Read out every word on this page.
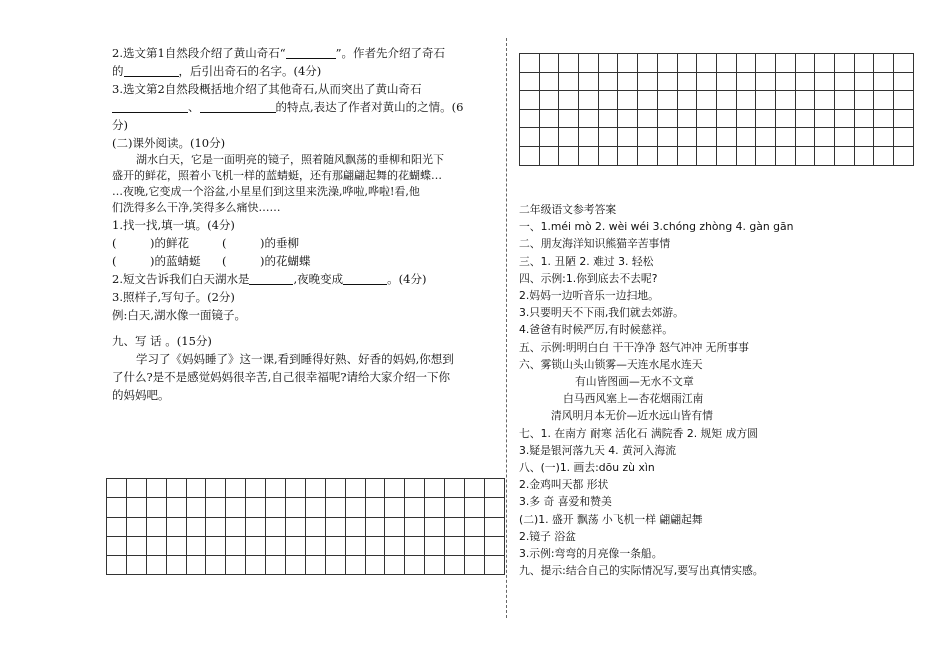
2.选文第1自然段介绍了黄山奇石“	”。作者先介绍了奇石

的	，后引出奇石的名字。(4分)

3.选文第2自然段概括地介绍了其他奇石,从而突出了黄山奇石

、	的特点,表达了作者对黄山的之情。(6

分)

(二)课外阅读。(10分)

湖水白天，它是一面明亮的镜子，照着随风飘荡的垂柳和阳光下

盛开的鲜花，照着小飞机一样的蓝蜻蜓，还有那翩翩起舞的花蝴蝶…

…夜晚,它变成一个浴盆,小星星们到这里来洗澡,哗啦,哗啦!看,他

们洗得多么干净,笑得多么痛快……

1.找一找,填一填。(4分)

(	)的鲜花	(	)的垂柳

(	)的蓝蜻蜓 (	)的花蝴蝶

2.短文告诉我们白天湖水是	,夜晚变成	。(4分)

3.照样子,写句子。(2分)

例:白天,湖水像一面镜子。

九、写 话 。(15分)

学习了《妈妈睡了》这一课,看到睡得好熟、好香的妈妈,你想到

了什么?是不是感觉妈妈很辛苦,自己很幸福呢?请给大家介绍一下你

的妈妈吧。

二年级语文参考答案

一、1.méi mò 2. wèi wéi 3.chóng zhòng 4. gàn gān

二、朋友海洋知识熊猫辛苦事情

三、1. 丑陋 2. 难过 3. 轻松

四、示例:1.你到底去不去呢?

2.妈妈一边听音乐一边扫地。

3.只要明天不下雨,我们就去郊游。

4.爸爸有时候严厉,有时候慈祥。

五、示例:明明白白 干干净净 怒气冲冲 无所事事

六、雾锁山头山锁雾—天连水尾水连天

有山皆图画—无水不文章

白马西风塞上—杏花烟雨江南

清风明月本无价—近水远山皆有情

七、1. 在南方 耐寒 活化石 满院香 2. 规矩 成方圆

3.疑是银河落九天 4. 黄河入海流

八、(一)1. 画去:dōu zù xìn

2.金鸡叫天都 形状

3.多 奇 喜爱和赞美

(二)1. 盛开 飘荡 小飞机一样 翩翩起舞

2.镜子 浴盆

3.示例:弯弯的月亮像一条船。

九、提示:结合自己的实际情况写,要写出真情实感。
